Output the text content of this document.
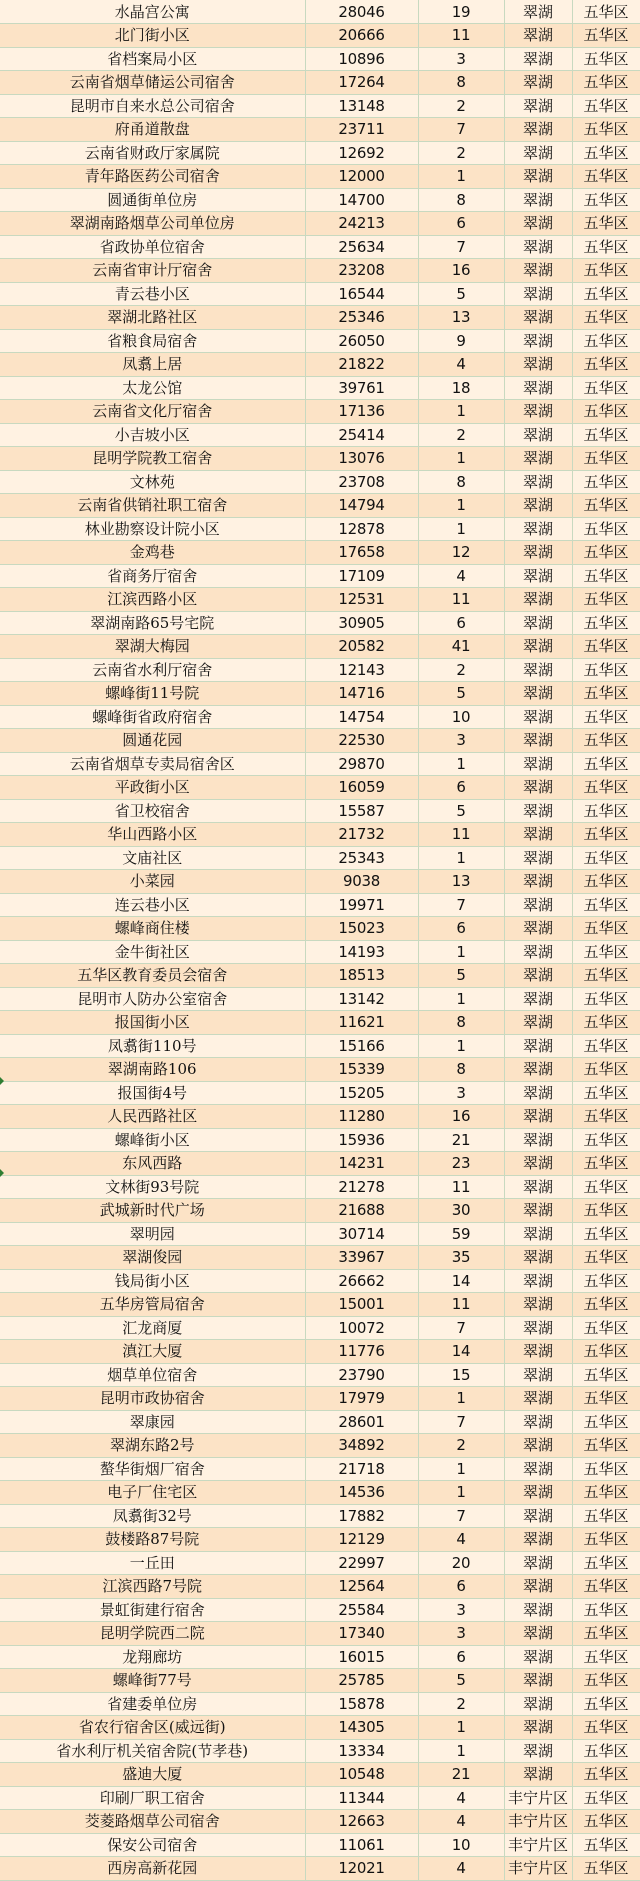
水晶宫公寓	28046	19	翠湖	五华区
北门街小区	20666	11	翠湖	五华区
省档案局小区	10896	3	翠湖	五华区
云南省烟草储运公司宿舍	17264	8	翠湖	五华区
昆明市自来水总公司宿舍	13148	2	翠湖	五华区
府甬道散盘	23711	7	翠湖	五华区
云南省财政厅家属院	12692	2	翠湖	五华区
青年路医药公司宿舍	12000	1	翠湖	五华区
圆通街单位房	14700	8	翠湖	五华区
翠湖南路烟草公司单位房	24213	6	翠湖	五华区
省政协单位宿舍	25634	7	翠湖	五华区
云南省审计厅宿舍	23208	16	翠湖	五华区
青云巷小区	16544	5	翠湖	五华区
翠湖北路社区	25346	13	翠湖	五华区
省粮食局宿舍	26050	9	翠湖	五华区
凤翥上居	21822	4	翠湖	五华区
太龙公馆	39761	18	翠湖	五华区
云南省文化厅宿舍	17136	1	翠湖	五华区
小吉坡小区	25414	2	翠湖	五华区
昆明学院教工宿舍	13076	1	翠湖	五华区
文林苑	23708	8	翠湖	五华区
云南省供销社职工宿舍	14794	1	翠湖	五华区
林业勘察设计院小区	12878	1	翠湖	五华区
金鸡巷	17658	12	翠湖	五华区
省商务厅宿舍	17109	4	翠湖	五华区
江滨西路小区	12531	11	翠湖	五华区
翠湖南路65号宅院	30905	6	翠湖	五华区
翠湖大梅园	20582	41	翠湖	五华区
云南省水利厅宿舍	12143	2	翠湖	五华区
螺峰街11号院	14716	5	翠湖	五华区
螺峰街省政府宿舍	14754	10	翠湖	五华区
圆通花园	22530	3	翠湖	五华区
云南省烟草专卖局宿舍区	29870	1	翠湖	五华区
平政街小区	16059	6	翠湖	五华区
省卫校宿舍	15587	5	翠湖	五华区
华山西路小区	21732	11	翠湖	五华区
文庙社区	25343	1	翠湖	五华区
小菜园	9038	13	翠湖	五华区
连云巷小区	19971	7	翠湖	五华区
螺峰商住楼	15023	6	翠湖	五华区
金牛街社区	14193	1	翠湖	五华区
五华区教育委员会宿舍	18513	5	翠湖	五华区
昆明市人防办公室宿舍	13142	1	翠湖	五华区
报国街小区	11621	8	翠湖	五华区
凤翥街110号	15166	1	翠湖	五华区
翠湖南路106	15339	8	翠湖	五华区
报国街4号	15205	3	翠湖	五华区
人民西路社区	11280	16	翠湖	五华区
螺峰街小区	15936	21	翠湖	五华区
东风西路	14231	23	翠湖	五华区
文林街93号院	21278	11	翠湖	五华区
武城新时代广场	21688	30	翠湖	五华区
翠明园	30714	59	翠湖	五华区
翠湖俊园	33967	35	翠湖	五华区
钱局街小区	26662	14	翠湖	五华区
五华房管局宿舍	15001	11	翠湖	五华区
汇龙商厦	10072	7	翠湖	五华区
滇江大厦	11776	14	翠湖	五华区
烟草单位宿舍	23790	15	翠湖	五华区
昆明市政协宿舍	17979	1	翠湖	五华区
翠康园	28601	7	翠湖	五华区
翠湖东路2号	34892	2	翠湖	五华区
螯华街烟厂宿舍	21718	1	翠湖	五华区
电子厂住宅区	14536	1	翠湖	五华区
凤翥街32号	17882	7	翠湖	五华区
鼓楼路87号院	12129	4	翠湖	五华区
一丘田	22997	20	翠湖	五华区
江滨西路7号院	12564	6	翠湖	五华区
景虹街建行宿舍	25584	3	翠湖	五华区
昆明学院西二院	17340	3	翠湖	五华区
龙翔廊坊	16015	6	翠湖	五华区
螺峰街77号	25785	5	翠湖	五华区
省建委单位房	15878	2	翠湖	五华区
省农行宿舍区(威远街)	14305	1	翠湖	五华区
省水利厅机关宿舍院(节孝巷)	13334	1	翠湖	五华区
盛迪大厦	10548	21	翠湖	五华区
印刷厂职工宿舍	11344	4	丰宁片区	五华区
茭菱路烟草公司宿舍	12663	4	丰宁片区	五华区
保安公司宿舍	11061	10	丰宁片区	五华区
西房高新花园	12021	4	丰宁片区	五华区
